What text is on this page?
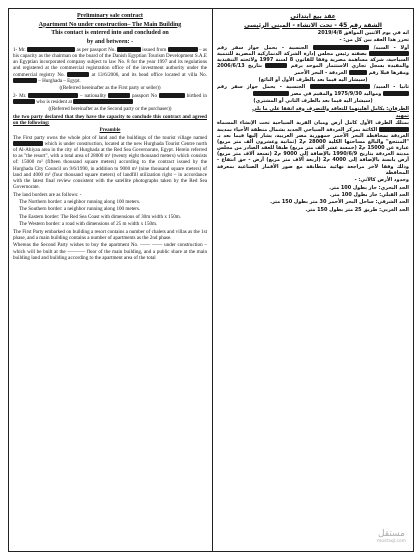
Preliminary sale contract

Apartment No under construction– The Main Building

This contact is entered into and concluded on

by and between: -

1- Mr.	as per passport No.	issued from	– as his capacity as the chairman on the board of the Danish Egyptian Tourism Development S.A.E an Egyptian incorporated company subject to law No. 8 for the year 1997 and its regulations and registered at the commercial registration office of the investment authority under the commercial registry No.	at 13/6/2006, and its head office located at villa No.  – Hurghada – Egypt.

((Referred hereinafter as the First party or seller))

2- Mr.	– nationality	passport No	birthed in  who is resident at

((Referred hereinafter as the Second party or the purchaser))

the two party declared that they have the capacity to conclude this contract and agreed on the following:

Preamble

The First party owns the whole plot of land and the buildings of the tourist village named  which is under construction, located at the new Hurghada Tourist Centre north of Al-Ahiyaa area in the city of Hurghada at the Red Sea Governorate, Egypt. Herein referred to as "the resort", with a total area of 28000 m² (twenty eight thousand meters) which consists of: 15000 m² (fifteen thousand square meters) according to the contract issued by the Hurghada City Council on 9/6/1990, in addition to 9000 m² (nine thousand square meters) of land and 4000 m² (four thousand square meters) of landfill utilization right – in accordance with the latest final review consistent with the satellite photographs taken by the Red Sea Governorate.

The land borders are as follows: -

The Northern border: a neighbor running along 100 meters.

The Southern border: a neighbor running along 100 meters.

The Eastern border: The Red Sea Coast with dimensions of 30m width x 150m.

The Western border: a road with dimensions of 25 m width x 150m.

The First Party embarked on building a resort contains a number of chalets and villas as the 1st phase, and a main building contains a number of apartments as the 2nd phase.

Whereas the Second Party wishes to buy the apartment No. –––– –––– under construction – which will be built at the ––––––– floor of the main building, and a public share at the main building land and building according to the apartment area of the total

عقد بيع ابتدائي

الشقة رقم 45 - تحت الانشاء - المبنى الرئيسي

انه في يوم الاثنين الموافق 2019/4/8

تحرر هذا العقد بين كل من: -

أولا - السيد/  الجنسية - يحمل جواز سفر رقم  بصفته رئيس مجلس إدارة الشركة الدنماركية المصرية للتنمية السياحية، شركة مساهمة مصرية وفقا للقانون 8 لسنة 1997 ولائحته التنفيذية والمقيدة بسجل تجاري الاستثمار الموحد برقم  بتاريخ 2006/6/13 ومقرها فيلا رقم  الغردقة - البحر الأحمر

(سيشار اليه فيما بعد بالطرف الأول أو البائع)

ثانيا - السيد/  الجنسية - يحمل جواز سفر رقم  ومواليد 1975/9/30 والمقيم في مصر

(سيشار اليه فيما بعد بالطرف الثاني أو المشتري)

الطرفان: بكامل أهليتهما للتعاقد وللتصرف وقد اتفقا على ما يلي

تمهيد

بمتلك الطرف الأول كامل أرض ومبان القرية السياحية تحت الإنشاء المسماة  الكائنة بمركز الغردقة السياحي الجديد بشمال منطقة الأحياء بمدينة الغردقة بمحافظة البحر الأحمر جمهورية مصر العربية، يشار إليها فيما بعد بـ "المنتجع" والبالغ مساحتها الكلية 28000 م2 (ثمانية وعشرون ألف متر مربع) عبارة عن 15000 م2 (خمسة عشر ألف متر مربع) طبقا للعقد الصادر من مجلس مدينة الغردقة بتاريخ 1990/6/9 بالإضافة إلى 9000 م2 (تسعة آلاف متر مربع) أرض يابسة بالإضافة إلى 4000 م2 (أربعة آلاف متر مربع) أرض - حق انتفاع - وذلك وفقا لآخر مراجعة نهائية متطابقة مع صور الأقمار الصناعية بمعرفة المحافظة

وحدود الأرض كالآتي: -

الحد البحري: جار بطول 100 متر.

الحد القبلي: جار بطول 100 متر.

الحد الشرقي: ساحل البحر الأحمر 30 متر بطول 150 متر.

الحد الغربي: طريق 25 متر بطول 150 متر.

مستقل
mostaql.com
